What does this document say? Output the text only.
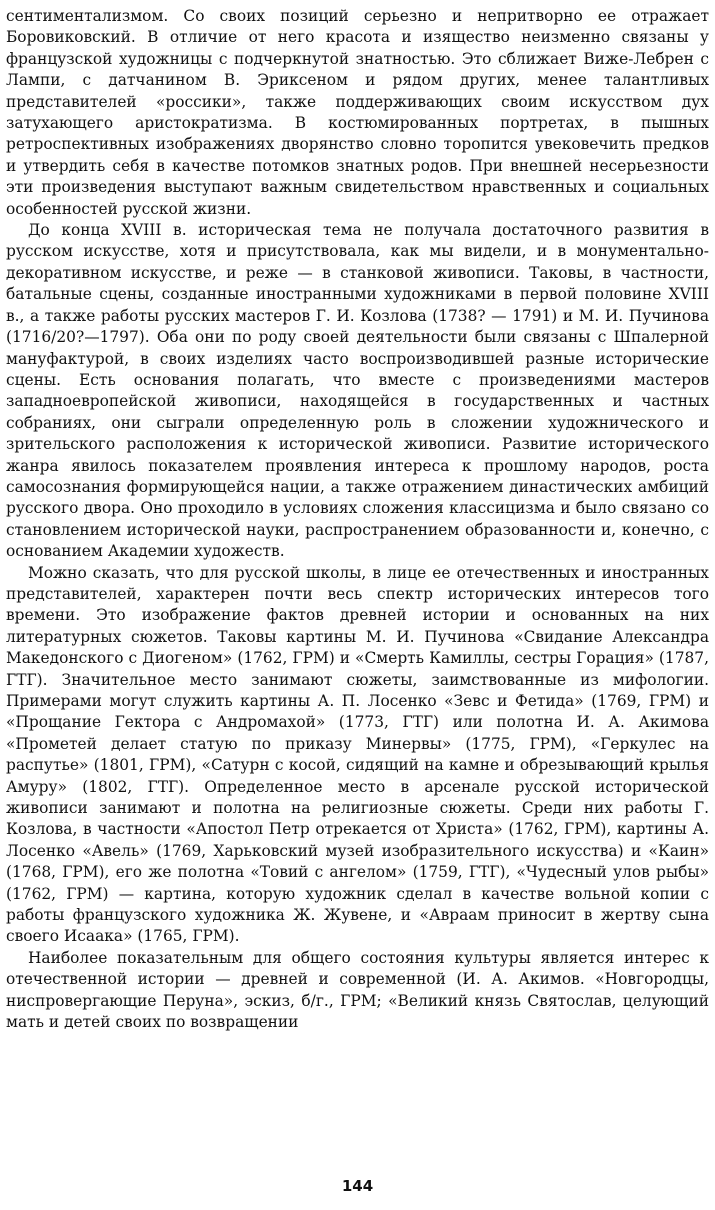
сентиментализмом. Со своих позиций серьезно и непритворно ее отражает Боровиковский. В отличие от него красота и изящество неизменно связаны у французской художницы с подчеркнутой знатностью. Это сближает Виже-Лебрен с Лампи, с датчанином В. Эриксеном и рядом других, менее талантливых представителей «россики», также поддерживающих своим искусством дух затухающего аристократизма. В костюмированных портретах, в пышных ретроспективных изображениях дворянство словно торопится увековечить предков и утвердить себя в качестве потомков знатных родов. При внешней несерьезности эти произведения выступают важным свидетельством нравственных и социальных особенностей русской жизни.

До конца XVIII в. историческая тема не получала достаточного развития в русском искусстве, хотя и присутствовала, как мы видели, и в монументально-декоративном искусстве, и реже — в станковой живописи. Таковы, в частности, батальные сцены, созданные иностранными художниками в первой половине XVIII в., а также работы русских мастеров Г. И. Козлова (1738? — 1791) и М. И. Пучинова (1716/20?—1797). Оба они по роду своей деятельности были связаны с Шпалерной мануфактурой, в своих изделиях часто воспроизводившей разные исторические сцены. Есть основания полагать, что вместе с произведениями мастеров западноевропейской живописи, находящейся в государственных и частных собраниях, они сыграли определенную роль в сложении художнического и зрительского расположения к исторической живописи. Развитие исторического жанра явилось показателем проявления интереса к прошлому народов, роста самосознания формирующейся нации, а также отражением династических амбиций русского двора. Оно проходило в условиях сложения классицизма и было связано со становлением исторической науки, распространением образованности и, конечно, с основанием Академии художеств.

Можно сказать, что для русской школы, в лице ее отечественных и иностранных представителей, характерен почти весь спектр исторических интересов того времени. Это изображение фактов древней истории и основанных на них литературных сюжетов. Таковы картины М. И. Пучинова «Свидание Александра Македонского с Диогеном» (1762, ГРМ) и «Смерть Камиллы, сестры Горация» (1787, ГТГ). Значительное место занимают сюжеты, заимствованные из мифологии. Примерами могут служить картины А. П. Лосенко «Зевс и Фетида» (1769, ГРМ) и «Прощание Гектора с Андромахой» (1773, ГТГ) или полотна И. А. Акимова «Прометей делает статую по приказу Минервы» (1775, ГРМ), «Геркулес на распутье» (1801, ГРМ), «Сатурн с косой, сидящий на камне и обрезывающий крылья Амуру» (1802, ГТГ). Определенное место в арсенале русской исторической живописи занимают и полотна на религиозные сюжеты. Среди них работы Г. Козлова, в частности «Апостол Петр отрекается от Христа» (1762, ГРМ), картины А. Лосенко «Авель» (1769, Харьковский музей изобразительного искусства) и «Каин» (1768, ГРМ), его же полотна «Товий с ангелом» (1759, ГТГ), «Чудесный улов рыбы» (1762, ГРМ) — картина, которую художник сделал в качестве вольной копии с работы французского художника Ж. Жувене, и «Авраам приносит в жертву сына своего Исаака» (1765, ГРМ).

Наиболее показательным для общего состояния культуры является интерес к отечественной истории — древней и современной (И. А. Акимов. «Новгородцы, ниспровергающие Перуна», эскиз, б/г., ГРМ; «Великий князь Святослав, целующий мать и детей своих по возвращении

144
